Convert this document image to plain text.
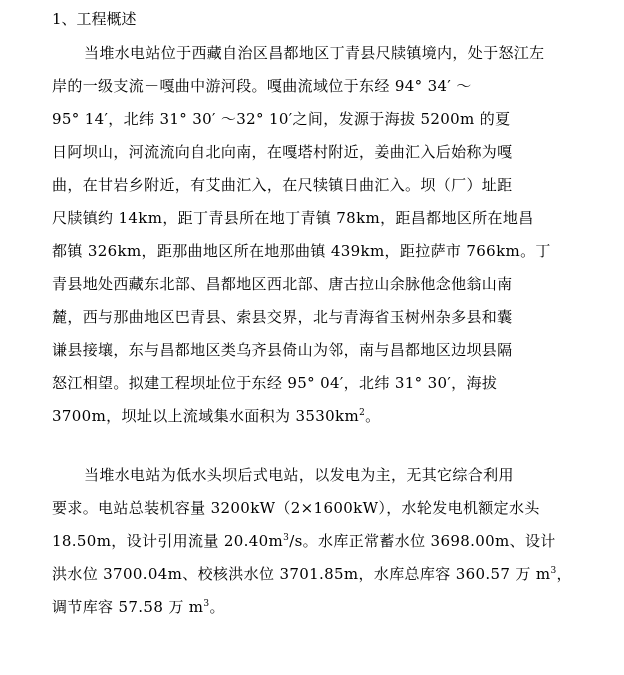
1、工程概述
当堆水电站位于西藏自治区昌都地区丁青县尺牍镇境内，处于怒江左
岸的一级支流－嘎曲中游河段。嘎曲流域位于东经 94° 34′ ～
95° 14′，北纬 31° 30′ ～32° 10′之间，发源于海拔 5200m 的夏
日阿坝山，河流流向自北向南，在嘎塔村附近，姜曲汇入后始称为嘎
曲，在甘岩乡附近，有艾曲汇入，在尺犊镇日曲汇入。坝（厂）址距
尺牍镇约 14km，距丁青县所在地丁青镇 78km，距昌都地区所在地昌
都镇 326km，距那曲地区所在地那曲镇 439km，距拉萨市 766km。丁
青县地处西藏东北部、昌都地区西北部、唐古拉山余脉他念他翁山南
麓，西与那曲地区巴青县、索县交界，北与青海省玉树州杂多县和囊
谦县接壤，东与昌都地区类乌齐县倚山为邻，南与昌都地区边坝县隔
怒江相望。拟建工程坝址位于东经 95° 04′，北纬 31° 30′，海拔
3700m，坝址以上流域集水面积为 $3530km^2$。
当堆水电站为低水头坝后式电站，以发电为主，无其它综合利用
要求。电站总装机容量 3200kW（2×1600kW），水轮发电机额定水头
18.50m，设计引用流量 $20.40m^3/s$。水库正常蓄水位 3698.00m、设计
洪水位 3700.04m、校核洪水位 3701.85m，水库总库容 360.57 万 $m^3$，
调节库容 57.58 万 $m^3$。
